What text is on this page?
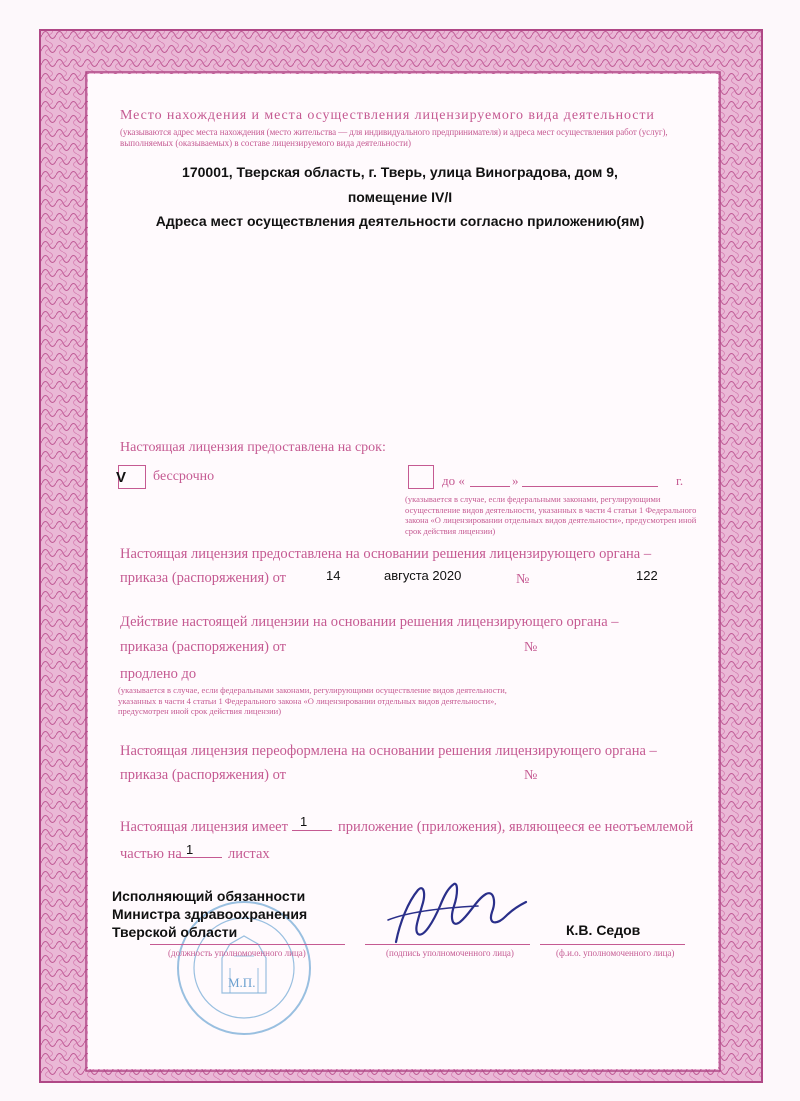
Место нахождения и места осуществления лицензируемого вида деятельности
(указываются адрес места нахождения (место жительства — для индивидуального предпринимателя) и адреса мест осуществления работ (услуг),
выполняемых (оказываемых) в составе лицензируемого вида деятельности)
170001, Тверская область, г. Тверь, улица Виноградова, дом 9,
помещение IV/I
Адреса мест осуществления деятельности согласно приложению(ям)
Настоящая лицензия предоставлена на срок:
V бессрочно	до «	»	г.
(указывается в случае, если федеральными законами, регулирующими осуществление видов деятельности, указанных в части 4 статьи 1 Федерального закона «О лицензировании отдельных видов деятельности», предусмотрен иной срок действия лицензии)
Настоящая лицензия предоставлена на основании решения лицензирующего органа –
приказа (распоряжения) от	14	августа 2020	№	122
Действие настоящей лицензии на основании решения лицензирующего органа –
приказа (распоряжения) от	№
продлено до
(указывается в случае, если федеральными законами, регулирующими осуществление видов деятельности, указанных в части 4 статьи 1 Федерального закона «О лицензировании отдельных видов деятельности», предусмотрен иной срок действия лицензии)
Настоящая лицензия переоформлена на основании решения лицензирующего органа –
приказа (распоряжения) от	№
Настоящая лицензия имеет 1 приложение (приложения), являющееся ее неотъемлемой
частью на 1 листах
М.П.
Исполняющий обязанности
Министра здравоохранения
Тверской области
(должность уполномоченного лица)	(подпись уполномоченного лица)
К.В. Седов
(ф.и.о. уполномоченного лица)
